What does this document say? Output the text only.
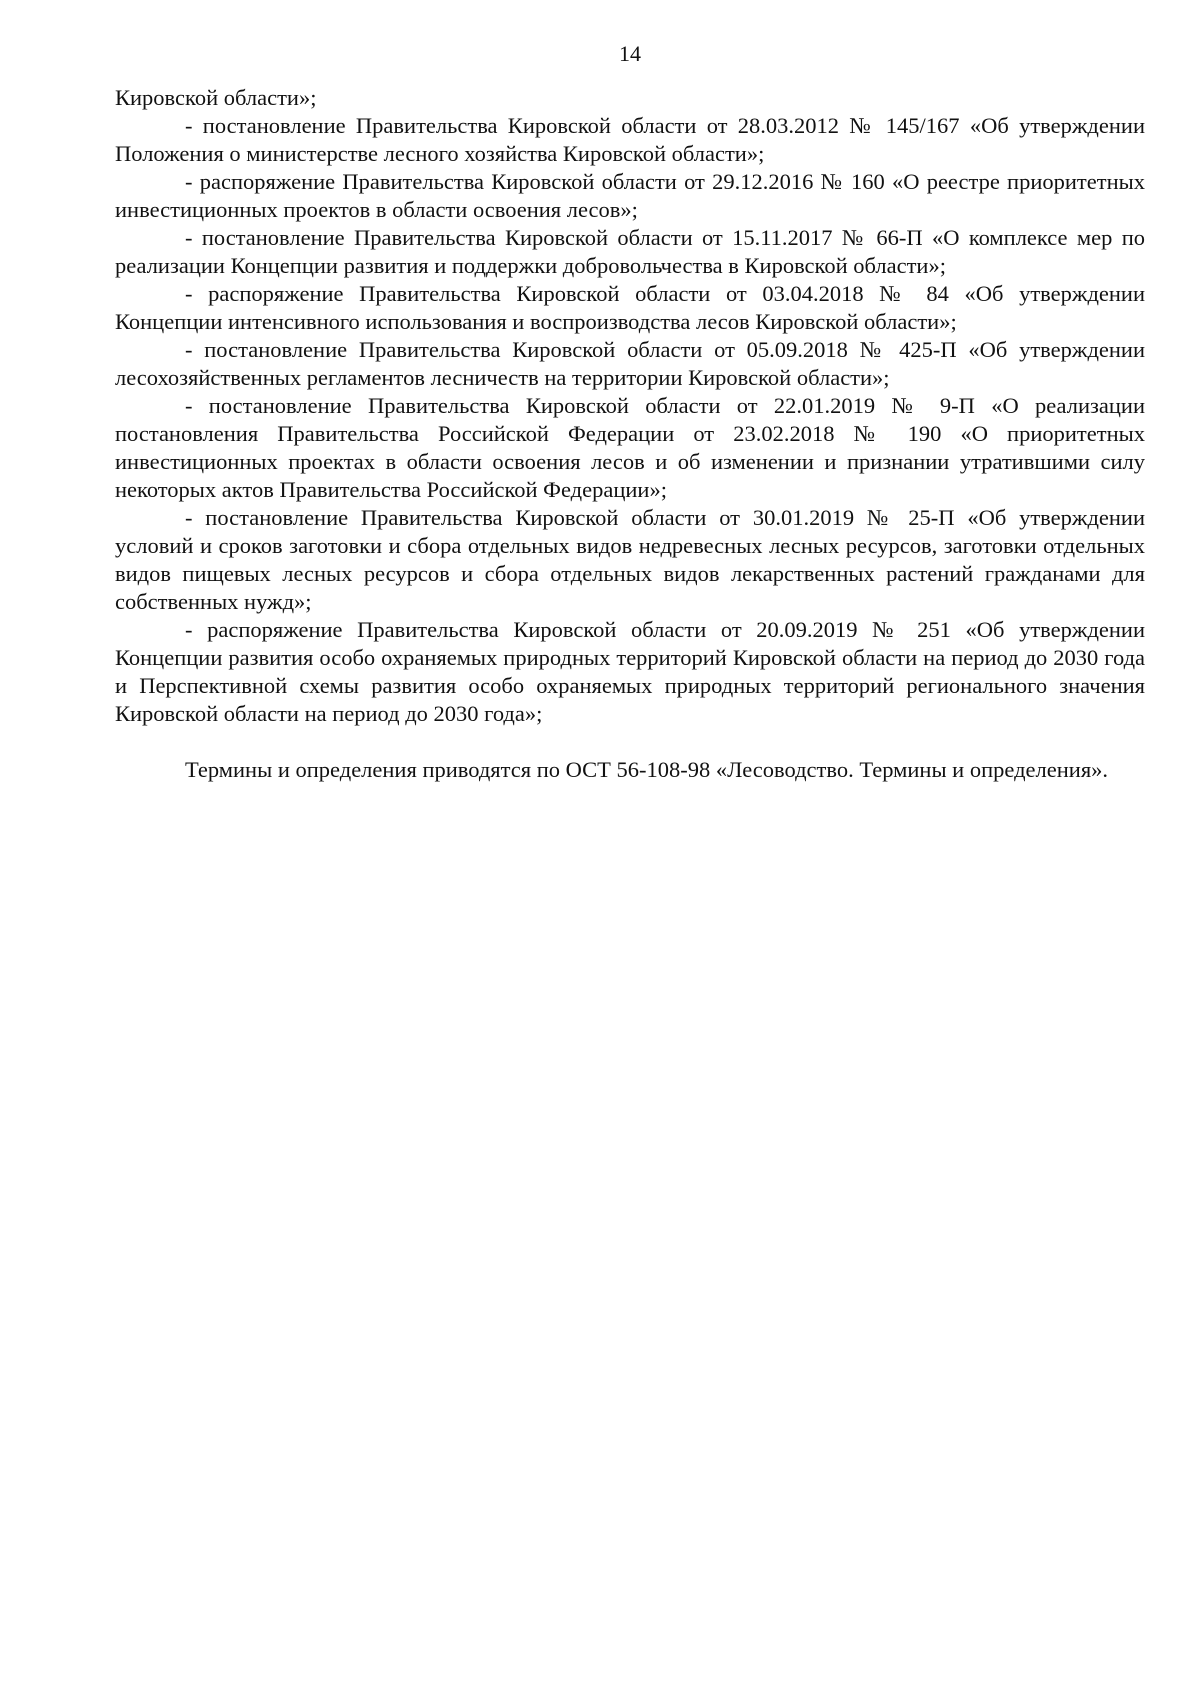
14

Кировской области»;

- постановление Правительства Кировской области от 28.03.2012 № 145/167 «Об утверждении Положения о министерстве лесного хозяйства Кировской области»;

- распоряжение Правительства Кировской области от 29.12.2016 № 160 «О реестре приоритетных инвестиционных проектов в области освоения лесов»;

- постановление Правительства Кировской области от 15.11.2017 № 66-П «О комплексе мер по реализации Концепции развития и поддержки добровольчества в Кировской области»;

- распоряжение Правительства Кировской области от 03.04.2018 № 84 «Об утверждении Концепции интенсивного использования и воспроизводства лесов Кировской области»;

- постановление Правительства Кировской области от 05.09.2018 № 425-П «Об утверждении лесохозяйственных регламентов лесничеств на территории Кировской области»;

- постановление Правительства Кировской области от 22.01.2019 № 9-П «О реализации постановления Правительства Российской Федерации от 23.02.2018 № 190 «О приоритетных инвестиционных проектах в области освоения лесов и об изменении и признании утратившими силу некоторых актов Правительства Российской Федерации»;

- постановление Правительства Кировской области от 30.01.2019 № 25-П «Об утверждении условий и сроков заготовки и сбора отдельных видов недревесных лесных ресурсов, заготовки отдельных видов пищевых лесных ресурсов и сбора отдельных видов лекарственных растений гражданами для собственных нужд»;

- распоряжение Правительства Кировской области от 20.09.2019 № 251 «Об утверждении Концепции развития особо охраняемых природных территорий Кировской области на период до 2030 года и Перспективной схемы развития особо охраняемых природных территорий регионального значения Кировской области на период до 2030 года»;

Термины и определения приводятся по ОСТ 56-108-98 «Лесоводство. Термины и определения».
